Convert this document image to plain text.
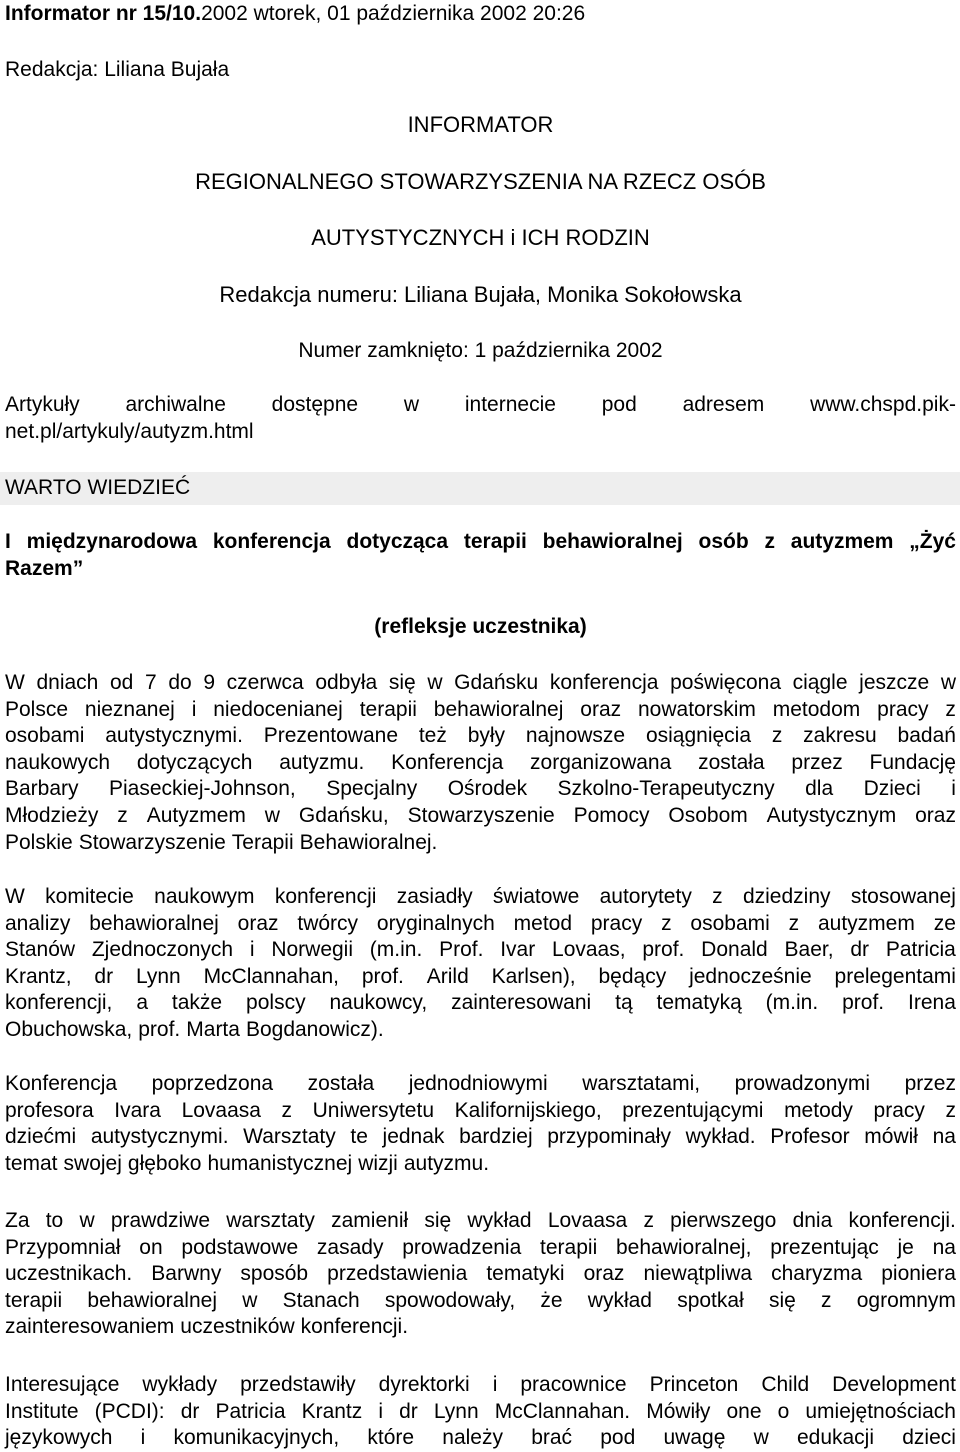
Informator nr 15/10.2002 wtorek, 01 października 2002 20:26
Redakcja: Liliana Bujała
INFORMATOR
REGIONALNEGO STOWARZYSZENIA NA RZECZ OSÓB
AUTYSTYCZNYCH i ICH RODZIN
Redakcja numeru: Liliana Bujała, Monika Sokołowska
Numer zamknięto: 1 października 2002

Artykuły archiwalne dostępne w internecie pod adresem www.chspd.pik-

net.pl/artykuly/autyzm.html

WARTO WIEDZIEĆ
I międzynarodowa konferencja dotycząca terapii behawioralnej osób z autyzmem „Żyć
Razem”
(refleksje uczestnika)
W dniach od 7 do 9 czerwca odbyła się w Gdańsku konferencja poświęcona ciągle jeszcze w
Polsce nieznanej i niedocenianej terapii behawioralnej oraz nowatorskim metodom pracy z
osobami autystycznymi. Prezentowane też były najnowsze osiągnięcia z zakresu badań
naukowych dotyczących autyzmu. Konferencja zorganizowana została przez Fundację
Barbary Piaseckiej-Johnson, Specjalny Ośrodek Szkolno-Terapeutyczny dla Dzieci i
Młodzieży z Autyzmem w Gdańsku, Stowarzyszenie Pomocy Osobom Autystycznym oraz
Polskie Stowarzyszenie Terapii Behawioralnej.
W komitecie naukowym konferencji zasiadły światowe autorytety z dziedziny stosowanej
analizy behawioralnej oraz twórcy oryginalnych metod pracy z osobami z autyzmem ze
Stanów Zjednoczonych i Norwegii (m.in. Prof. Ivar Lovaas, prof. Donald Baer, dr Patricia
Krantz, dr Lynn McClannahan, prof. Arild Karlsen), będący jednocześnie prelegentami
konferencji, a także polscy naukowcy, zainteresowani tą tematyką (m.in. prof. Irena
Obuchowska, prof. Marta Bogdanowicz).
Konferencja poprzedzona została jednodniowymi warsztatami, prowadzonymi przez
profesora Ivara Lovaasa z Uniwersytetu Kalifornijskiego, prezentującymi metody pracy z
dziećmi autystycznymi. Warsztaty te jednak bardziej przypominały wykład. Profesor mówił na
temat swojej głęboko humanistycznej wizji autyzmu.
Za to w prawdziwe warsztaty zamienił się wykład Lovaasa z pierwszego dnia konferencji.
Przypomniał on podstawowe zasady prowadzenia terapii behawioralnej, prezentując je na
uczestnikach. Barwny sposób przedstawienia tematyki oraz niewątpliwa charyzma pioniera
terapii behawioralnej w Stanach spowodowały, że wykład spotkał się z ogromnym
zainteresowaniem uczestników konferencji.
Interesujące wykłady przedstawiły dyrektorki i pracownice Princeton Child Development
Institute (PCDI): dr Patricia Krantz i dr Lynn McClannahan. Mówiły one o umiejętnościach
językowych i komunikacyjnych, które należy brać pod uwagę w edukacji dzieci
